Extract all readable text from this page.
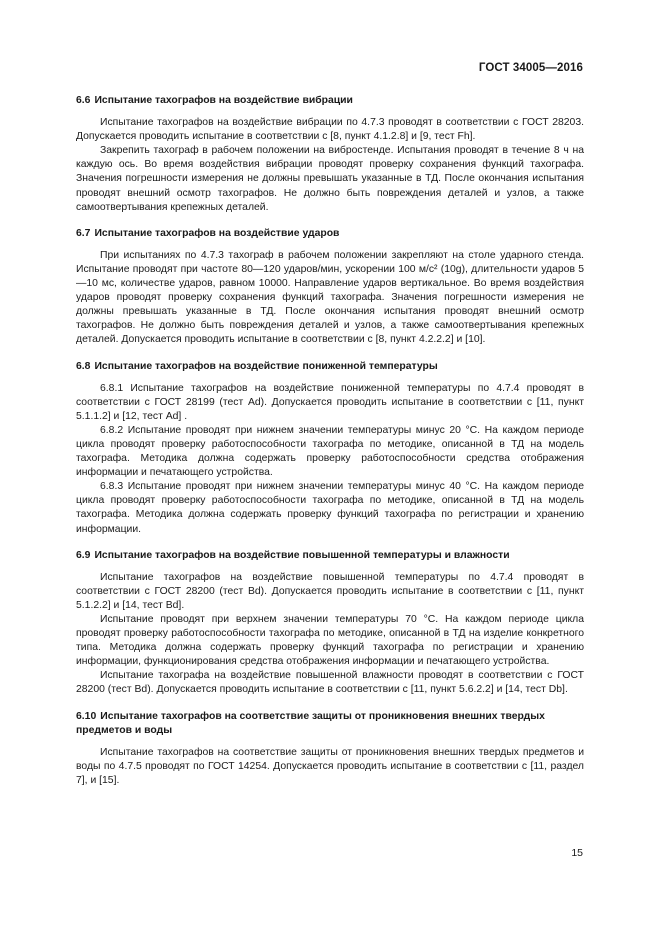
ГОСТ 34005—2016

6.6 Испытание тахографов на воздействие вибрации

Испытание тахографов на воздействие вибрации по 4.7.3 проводят в соответствии с ГОСТ 28203. Допускается проводить испытание в соответствии с [8, пункт 4.1.2.8] и [9, тест Fh].

Закрепить тахограф в рабочем положении на вибростенде. Испытания проводят в течение 8 ч на каждую ось. Во время воздействия вибрации проводят проверку сохранения функций тахографа. Значения погрешности измерения не должны превышать указанные в ТД. После окончания испытания проводят внешний осмотр тахографов. Не должно быть повреждения деталей и узлов, а также самоотвертывания крепежных деталей.

6.7 Испытание тахографов на воздействие ударов

При испытаниях по 4.7.3 тахограф в рабочем положении закрепляют на столе ударного стенда. Испытание проводят при частоте 80—120 ударов/мин, ускорении 100 м/с² (10g), длительности ударов 5—10 мс, количестве ударов, равном 10000. Направление ударов вертикальное. Во время воздействия ударов проводят проверку сохранения функций тахографа. Значения погрешности измерения не должны превышать указанные в ТД. После окончания испытания проводят внешний осмотр тахографов. Не должно быть повреждения деталей и узлов, а также самоотвертывания крепежных деталей. Допускается проводить испытание в соответствии с [8, пункт 4.2.2.2] и [10].

6.8 Испытание тахографов на воздействие пониженной температуры

6.8.1 Испытание тахографов на воздействие пониженной температуры по 4.7.4 проводят в соответствии с ГОСТ 28199 (тест Ad). Допускается проводить испытание в соответствии с [11, пункт 5.1.1.2] и [12, тест Ad] .

6.8.2 Испытание проводят при нижнем значении температуры минус 20 °С. На каждом периоде цикла проводят проверку работоспособности тахографа по методике, описанной в ТД на модель тахографа. Методика должна содержать проверку работоспособности средства отображения информации и печатающего устройства.

6.8.3 Испытание проводят при нижнем значении температуры минус 40 °С. На каждом периоде цикла проводят проверку работоспособности тахографа по методике, описанной в ТД на модель тахографа. Методика должна содержать проверку функций тахографа по регистрации и хранению информации.

6.9 Испытание тахографов на воздействие повышенной температуры и влажности

Испытание тахографов на воздействие повышенной температуры по 4.7.4 проводят в соответствии с ГОСТ 28200 (тест Bd). Допускается проводить испытание в соответствии с [11, пункт 5.1.2.2] и [14, тест Bd].

Испытание проводят при верхнем значении температуры 70 °С. На каждом периоде цикла проводят проверку работоспособности тахографа по методике, описанной в ТД на изделие конкретного типа. Методика должна содержать проверку функций тахографа по регистрации и хранению информации, функционирования средства отображения информации и печатающего устройства.

Испытание тахографа на воздействие повышенной влажности проводят в соответствии с ГОСТ 28200 (тест Bd). Допускается проводить испытание в соответствии с [11, пункт 5.6.2.2] и [14, тест Db].

6.10 Испытание тахографов на соответствие защиты от проникновения внешних твердых предметов и воды

Испытание тахографов на соответствие защиты от проникновения внешних твердых предметов и воды по 4.7.5 проводят по ГОСТ 14254. Допускается проводить испытание в соответствии с [11, раздел 7], и [15].

15
